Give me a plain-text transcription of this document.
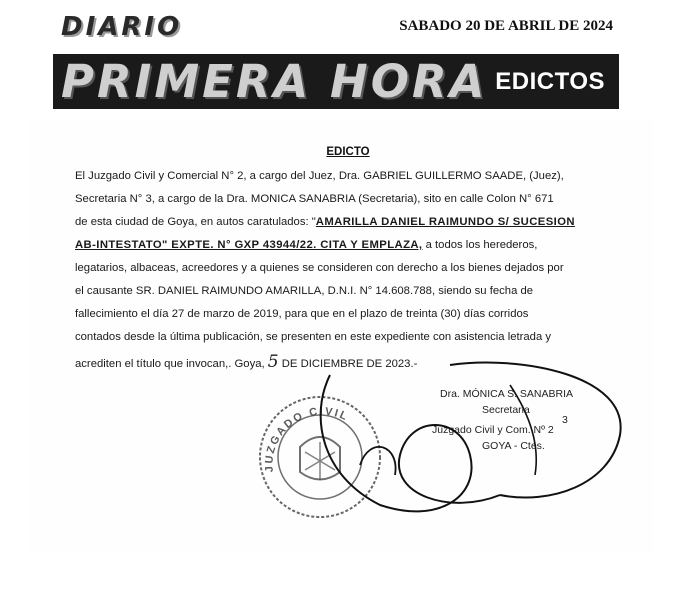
DIARIO	SABADO 20 DE ABRIL DE 2024
PRIMERA HORA EDICTOS
EDICTO
El Juzgado Civil y Comercial N° 2, a cargo del Juez, Dra. GABRIEL GUILLERMO SAADE, (Juez),
Secretaria N° 3, a cargo de la Dra. MONICA SANABRIA (Secretaria), sito en calle Colon N° 671
de esta ciudad de Goya, en autos caratulados: "AMARILLA DANIEL RAIMUNDO S/ SUCESION
AB-INTESTATO" EXPTE. N° GXP 43944/22. CITA Y EMPLAZA, a todos los herederos,
legatarios, albaceas, acreedores y a quienes se consideren con derecho a los bienes dejados por
el causante SR. DANIEL RAIMUNDO AMARILLA, D.N.I. N° 14.608.788, siendo su fecha de
fallecimiento el día 27 de marzo de 2019, para que en el plazo de treinta (30) días corridos
contados desde la última publicación, se presenten en este expediente con asistencia letrada y
acrediten el título que invocan,. Goya, 5 DE DICIEMBRE DE 2023.-
JUZGADO CIVIL
Dra. MÓNICA S. SANABRIA
Secretaria
3
Juzgado Civil y Com. Nº 2
GOYA - Ctes.
